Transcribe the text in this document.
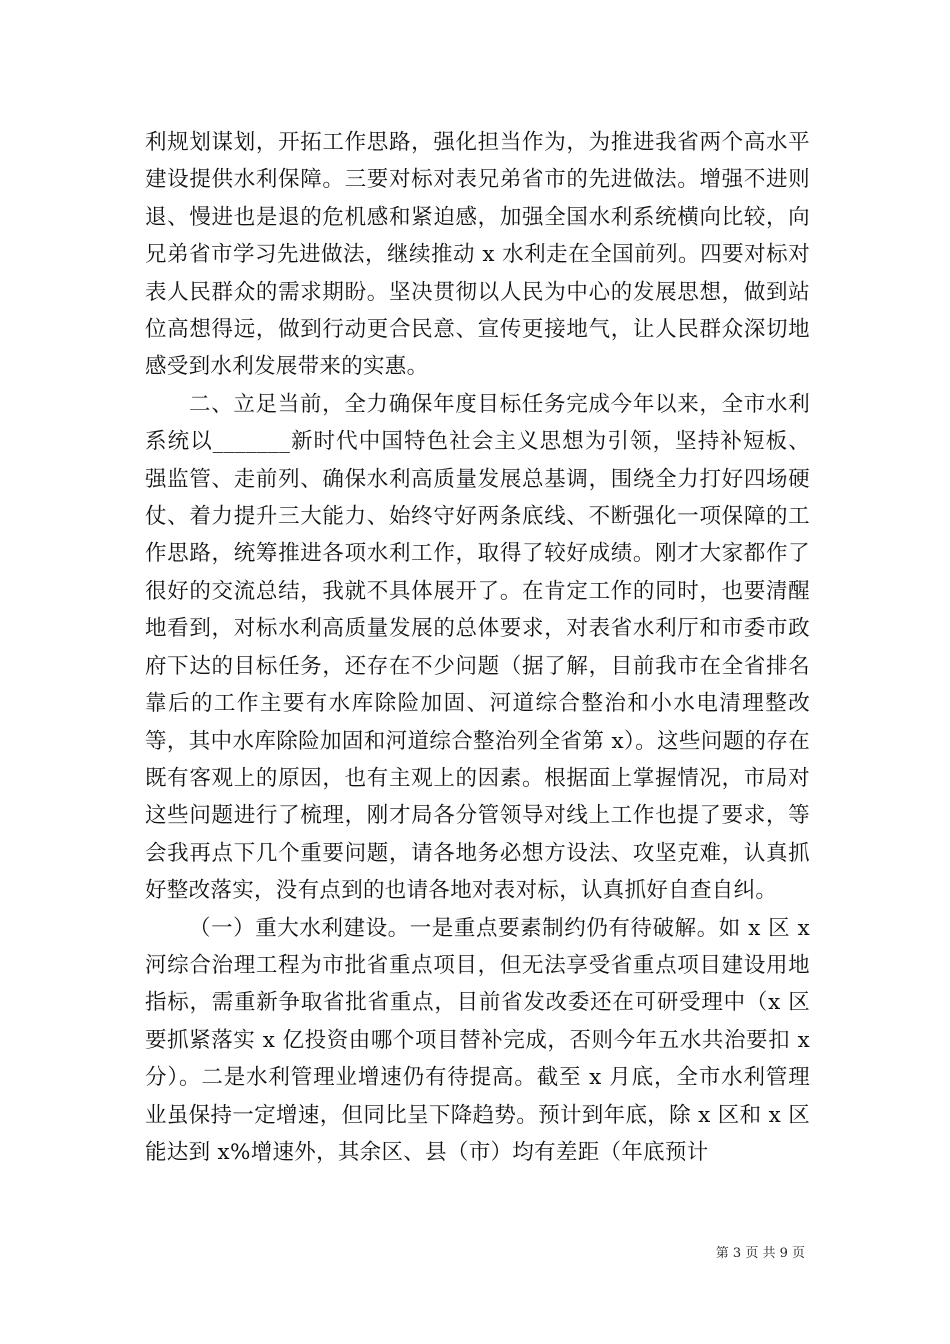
利规划谋划，开拓工作思路，强化担当作为，为推进我省两个高水平建设提供水利保障。三要对标对表兄弟省市的先进做法。增强不进则退、慢进也是退的危机感和紧迫感，加强全国水利系统横向比较，向兄弟省市学习先进做法，继续推动 x 水利走在全国前列。四要对标对表人民群众的需求期盼。坚决贯彻以人民为中心的发展思想，做到站位高想得远，做到行动更合民意、宣传更接地气，让人民群众深切地感受到水利发展带来的实惠。

二、立足当前，全力确保年度目标任务完成今年以来，全市水利系统以_______新时代中国特色社会主义思想为引领，坚持补短板、强监管、走前列、确保水利高质量发展总基调，围绕全力打好四场硬仗、着力提升三大能力、始终守好两条底线、不断强化一项保障的工作思路，统筹推进各项水利工作，取得了较好成绩。刚才大家都作了很好的交流总结，我就不具体展开了。在肯定工作的同时，也要清醒地看到，对标水利高质量发展的总体要求，对表省水利厅和市委市政府下达的目标任务，还存在不少问题（据了解，目前我市在全省排名靠后的工作主要有水库除险加固、河道综合整治和小水电清理整改等，其中水库除险加固和河道综合整治列全省第 x）。这些问题的存在既有客观上的原因，也有主观上的因素。根据面上掌握情况，市局对这些问题进行了梳理，刚才局各分管领导对线上工作也提了要求，等会我再点下几个重要问题，请各地务必想方设法、攻坚克难，认真抓好整改落实，没有点到的也请各地对表对标，认真抓好自查自纠。

（一）重大水利建设。一是重点要素制约仍有待破解。如 x 区 x 河综合治理工程为市批省重点项目，但无法享受省重点项目建设用地指标，需重新争取省批省重点，目前省发改委还在可研受理中（x 区要抓紧落实 x 亿投资由哪个项目替补完成，否则今年五水共治要扣 x 分）。二是水利管理业增速仍有待提高。截至 x 月底，全市水利管理业虽保持一定增速，但同比呈下降趋势。预计到年底，除 x 区和 x 区能达到 x%增速外，其余区、县（市）均有差距（年底预计

第 3 页 共 9 页
